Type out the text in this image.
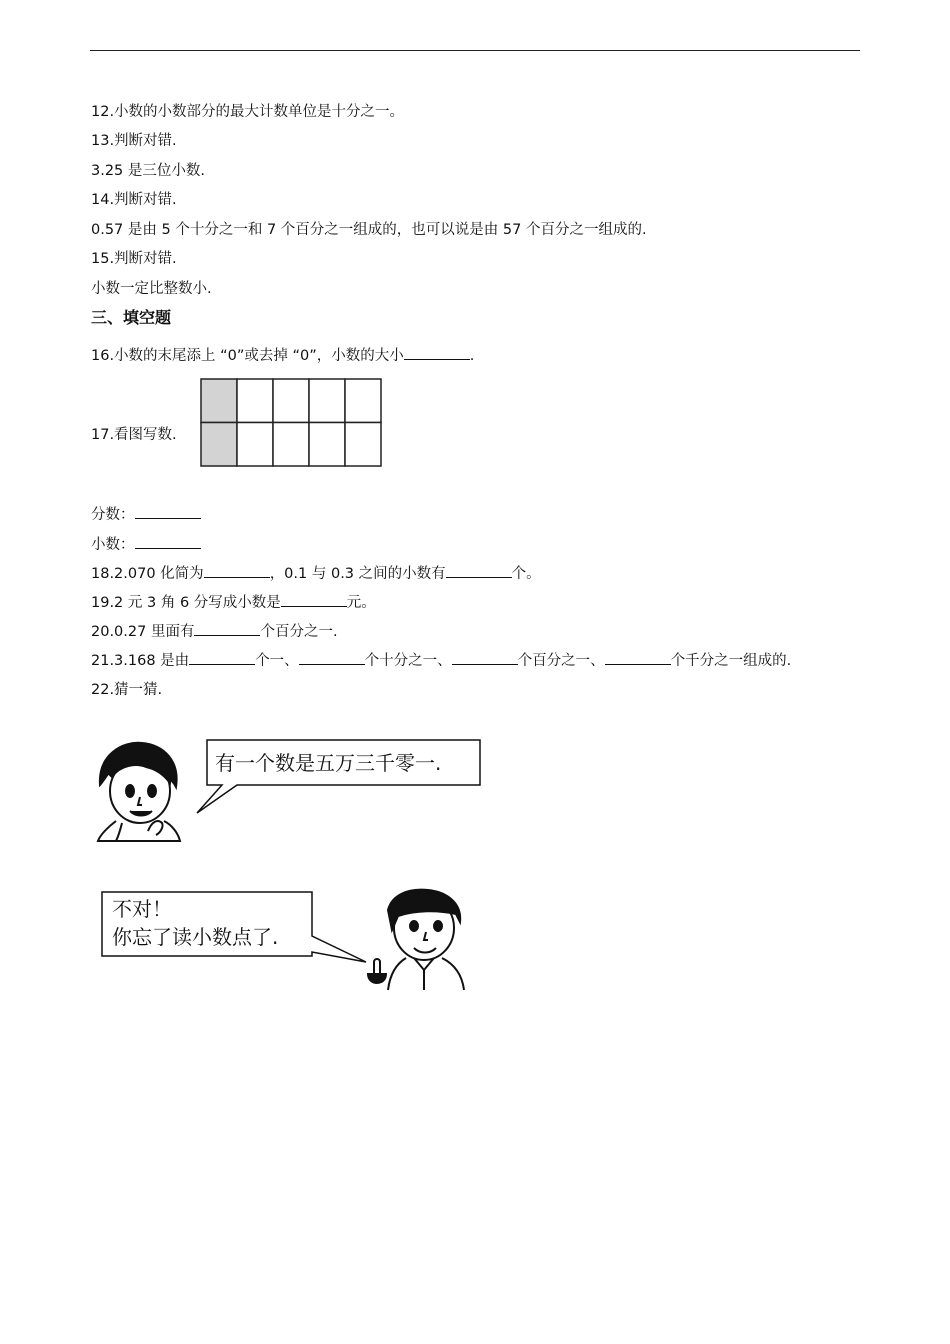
12.小数的小数部分的最大计数单位是十分之一。
13.判断对错.
3.25 是三位小数.
14.判断对错.
0.57 是由 5 个十分之一和 7 个百分之一组成的，也可以说是由 57 个百分之一组成的.
15.判断对错.
小数一定比整数小.
三、填空题
16.小数的末尾添上 “0”或去掉 “0”，小数的大小	.
17.看图写数.
分数：
小数：
18.2.070 化简为	，0.1 与 0.3 之间的小数有	个。
19.2 元 3 角 6 分写成小数是	元。
20.0.27 里面有	个百分之一.
21.3.168 是由	个一、	个十分之一、	个百分之一、	个千分之一组成的.
22.猜一猜.
有一个数是五万三千零一.
不对！
你忘了读小数点了.
